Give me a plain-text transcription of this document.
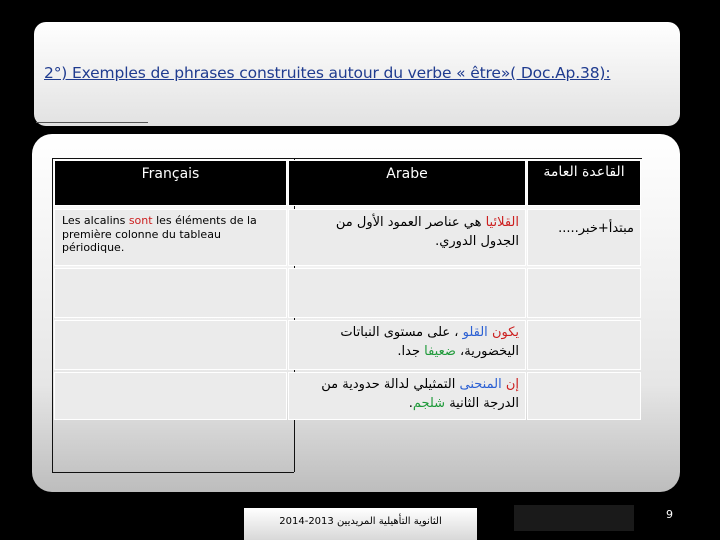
2°) Exemples de phrases construites autour du verbe « être»( Doc.Ap.38):
Français	Arabe	القاعدة العامة
Les alcalins sont les éléments de la première colonne du tableau périodique.
القلائيا هي عناصر العمود الأول من الجدول الدوري.
مبتدأ+خبر.....
يكون القلو ، على مستوى النباتات اليخضورية، ضعيفا جدا.
إن المنحنى التمثيلي لدالة حدودية من الدرجة الثانية شلجم.
الثانوية التأهيلية المريديين 2013-2014
9
